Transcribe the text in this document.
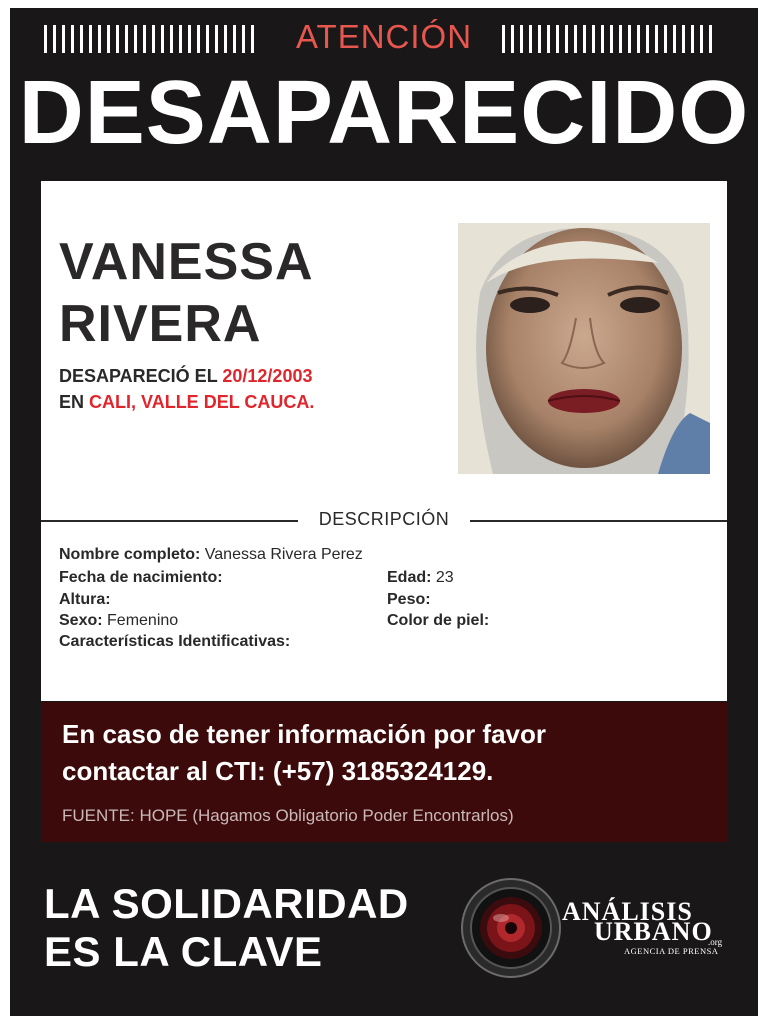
ATENCIÓN
DESAPARECIDO
VANESSA
RIVERA
DESAPARECIÓ EL 20/12/2003
EN CALI, VALLE DEL CAUCA.
DESCRIPCIÓN
Nombre completo: Vanessa Rivera Perez
Fecha de nacimiento:	Edad: 23
Altura:	Peso:
Sexo: Femenino	Color de piel:
Características Identificativas:
En caso de tener información por favor
contactar al CTI: (+57) 3185324129.
FUENTE: HOPE (Hagamos Obligatorio Poder Encontrarlos)
LA SOLIDARIDAD
ES LA CLAVE
ANÁLISIS
URBANO
.org
AGENCIA DE PRENSA
